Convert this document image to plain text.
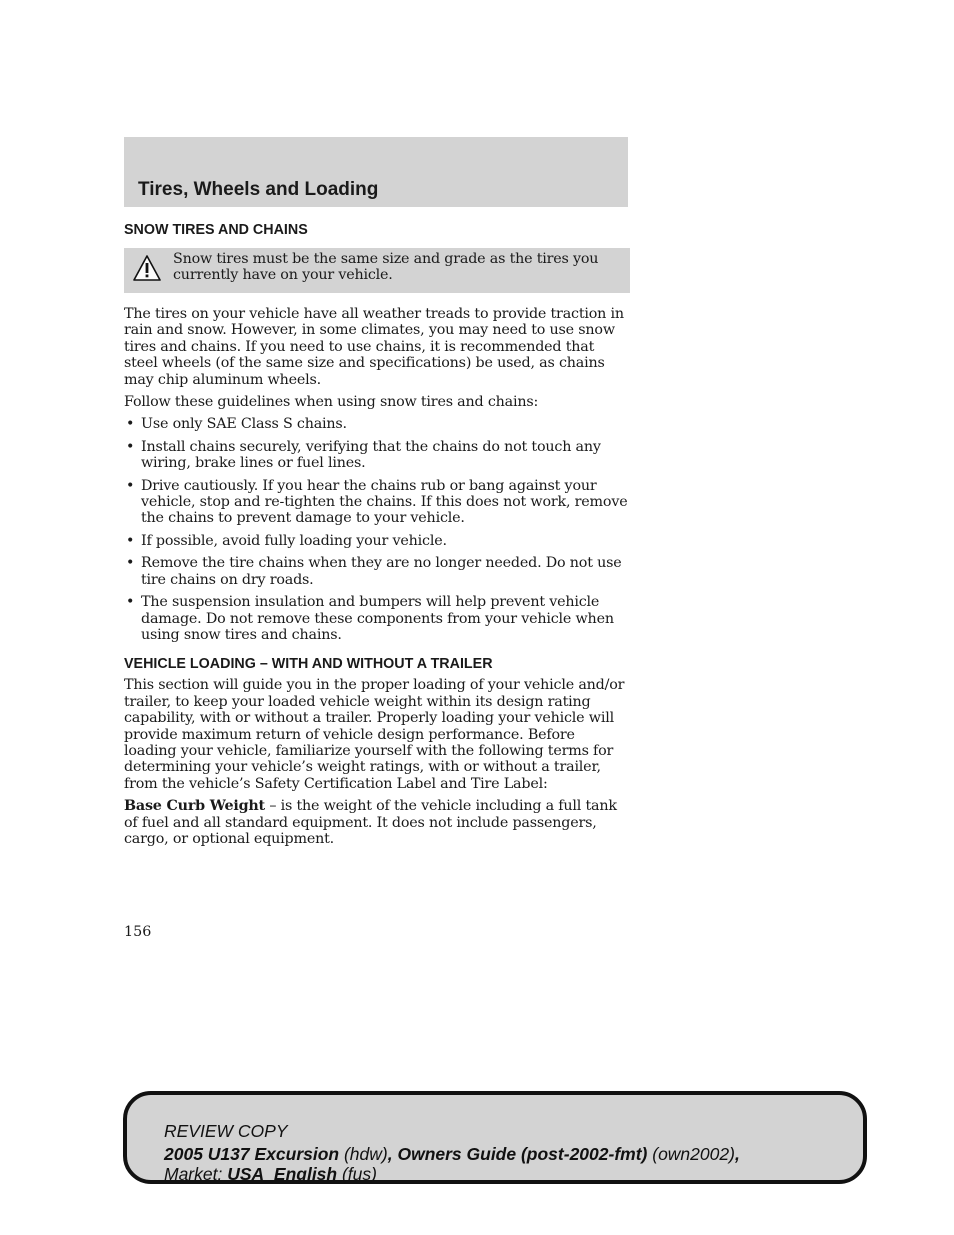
Tires, Wheels and Loading
SNOW TIRES AND CHAINS

Snow tires must be the same size and grade as the tires you currently have on your vehicle.

The tires on your vehicle have all weather treads to provide traction in rain and snow. However, in some climates, you may need to use snow tires and chains. If you need to use chains, it is recommended that steel wheels (of the same size and specifications) be used, as chains may chip aluminum wheels.

Follow these guidelines when using snow tires and chains:

• Use only SAE Class S chains.
• Install chains securely, verifying that the chains do not touch any wiring, brake lines or fuel lines.
• Drive cautiously. If you hear the chains rub or bang against your vehicle, stop and re-tighten the chains. If this does not work, remove the chains to prevent damage to your vehicle.
• If possible, avoid fully loading your vehicle.
• Remove the tire chains when they are no longer needed. Do not use tire chains on dry roads.
• The suspension insulation and bumpers will help prevent vehicle damage. Do not remove these components from your vehicle when using snow tires and chains.
VEHICLE LOADING – WITH AND WITHOUT A TRAILER

This section will guide you in the proper loading of your vehicle and/or trailer, to keep your loaded vehicle weight within its design rating capability, with or without a trailer. Properly loading your vehicle will provide maximum return of vehicle design performance. Before loading your vehicle, familiarize yourself with the following terms for determining your vehicle’s weight ratings, with or without a trailer, from the vehicle’s Safety Certification Label and Tire Label:

Base Curb Weight – is the weight of the vehicle including a full tank of fuel and all standard equipment. It does not include passengers, cargo, or optional equipment.

156

REVIEW COPY

2005 U137 Excursion (hdw), Owners Guide (post-2002-fmt) (own2002),

Market: USA_English (fus)
